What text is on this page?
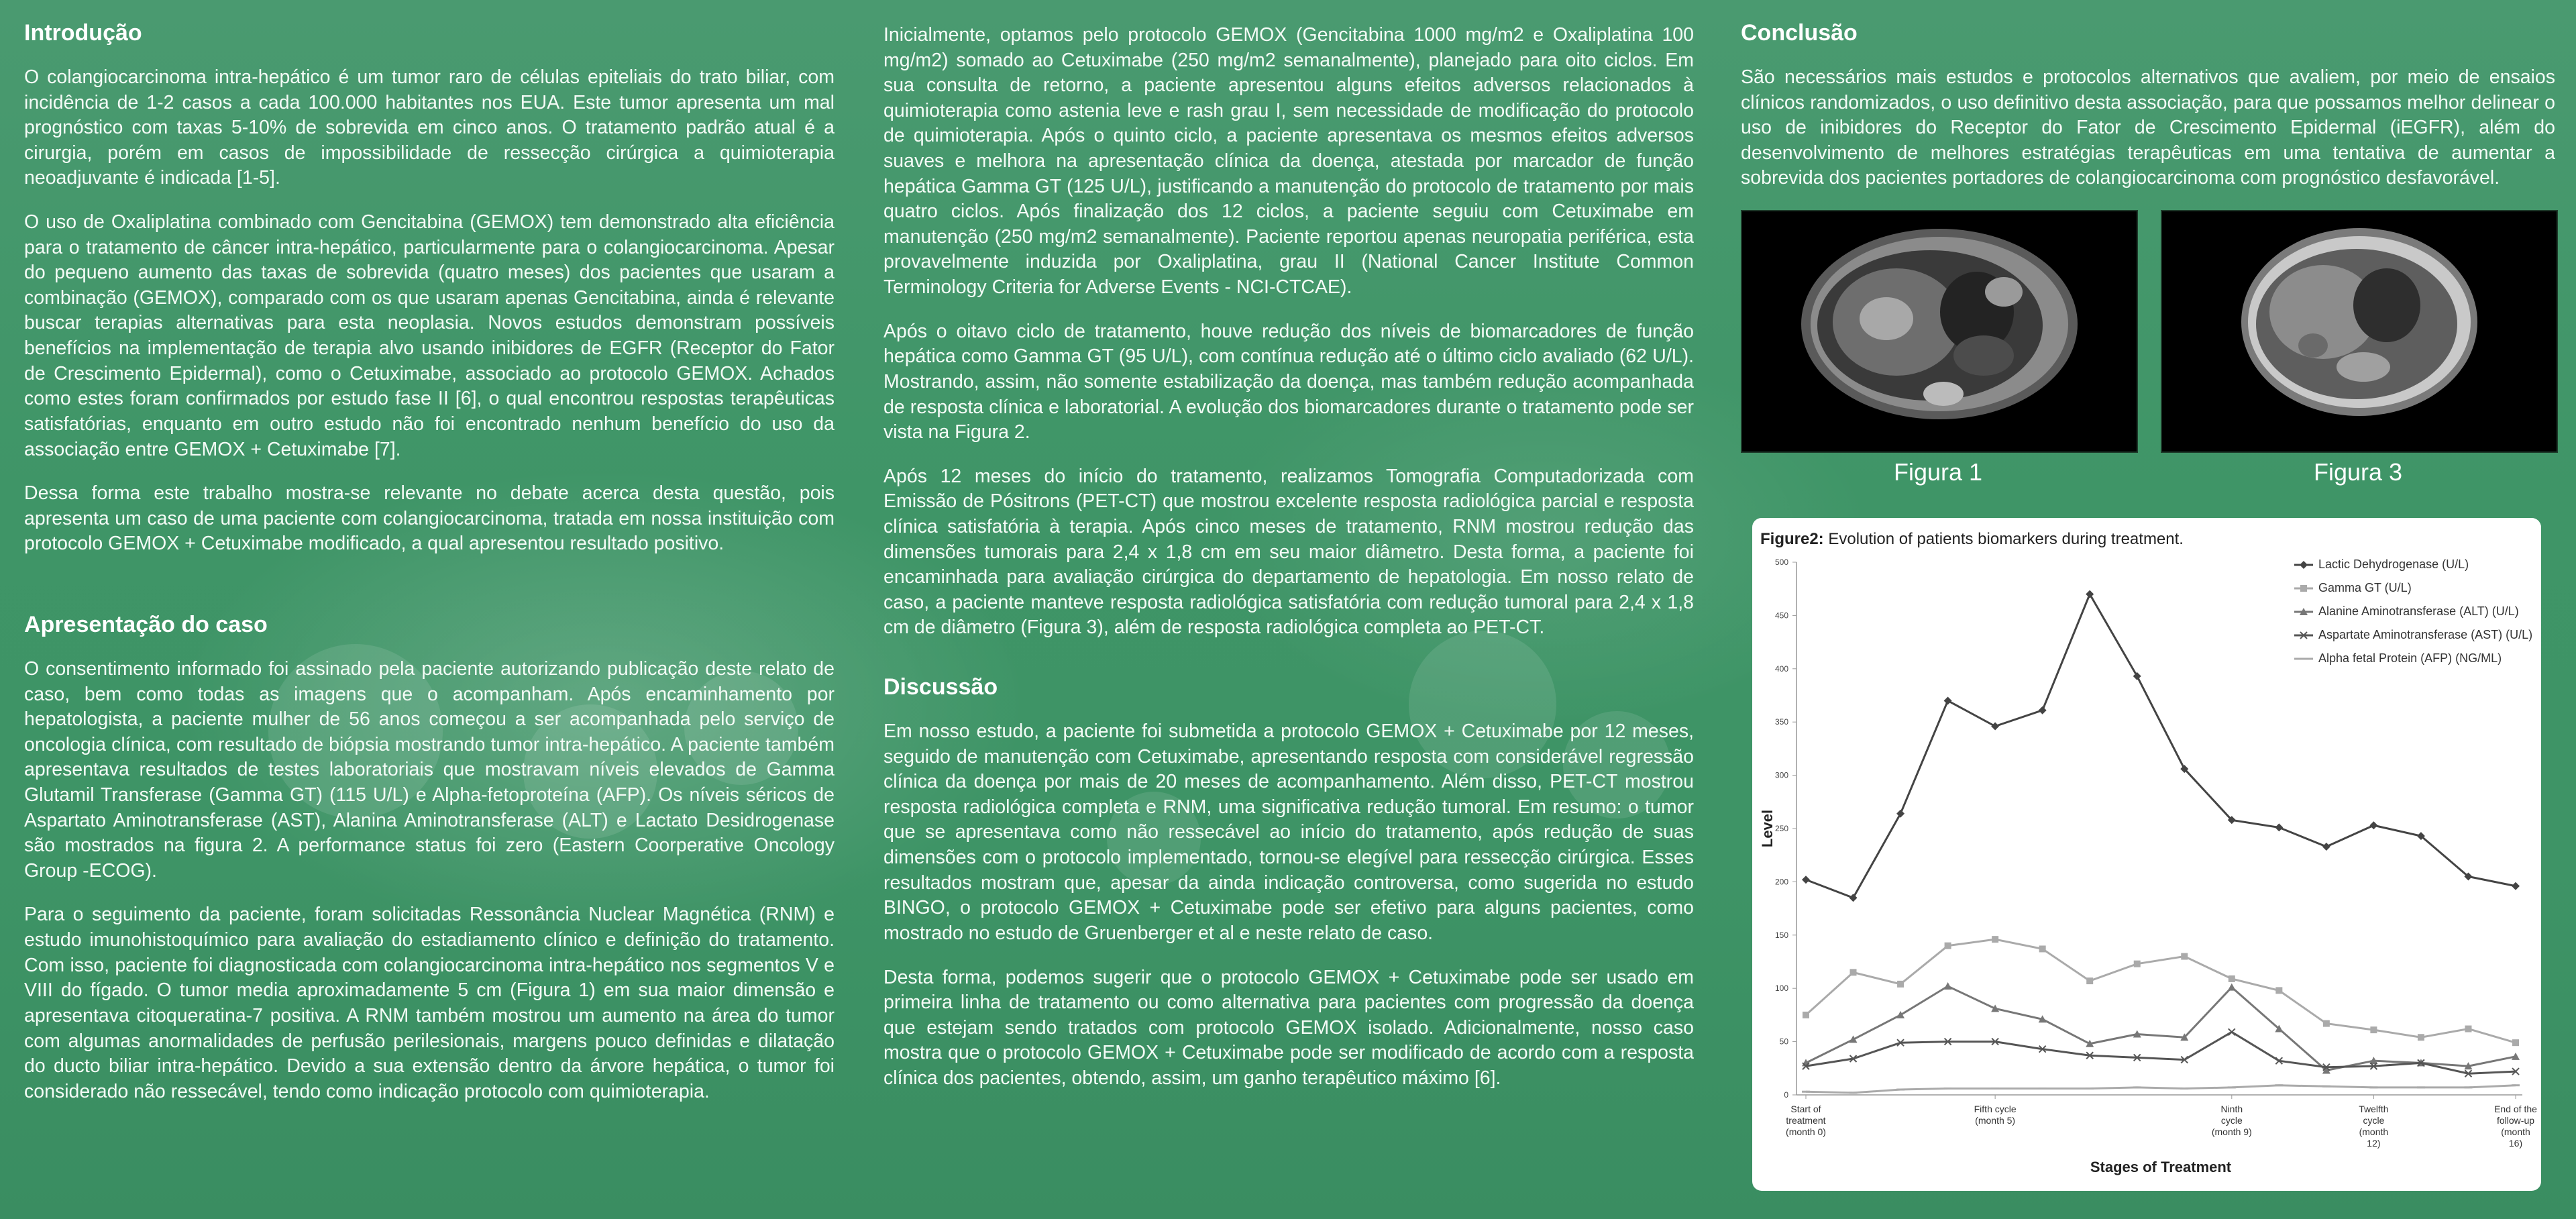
Introdução

O colangiocarcinoma intra-hepático é um tumor raro de células epiteliais do trato biliar, com incidência de 1-2 casos a cada 100.000 habitantes nos EUA. Este tumor apresenta um mal prognóstico com taxas 5-10% de sobrevida em cinco anos. O tratamento padrão atual é a cirurgia, porém em casos de impossibilidade de ressecção cirúrgica a quimioterapia neoadjuvante é indicada [1-5].

O uso de Oxaliplatina combinado com Gencitabina (GEMOX) tem demonstrado alta eficiência para o tratamento de câncer intra-hepático, particularmente para o colangiocarcinoma. Apesar do pequeno aumento das taxas de sobrevida (quatro meses) dos pacientes que usaram a combinação (GEMOX), comparado com os que usaram apenas Gencitabina, ainda é relevante buscar terapias alternativas para esta neoplasia. Novos estudos demonstram possíveis benefícios na implementação de terapia alvo usando inibidores de EGFR (Receptor do Fator de Crescimento Epidermal), como o Cetuximabe, associado ao protocolo GEMOX. Achados como estes foram confirmados por estudo fase II [6], o qual encontrou respostas terapêuticas satisfatórias, enquanto em outro estudo não foi encontrado nenhum benefício do uso da associação entre GEMOX + Cetuximabe [7].

Dessa forma este trabalho mostra-se relevante no debate acerca desta questão, pois apresenta um caso de uma paciente com colangiocarcinoma, tratada em nossa instituição com protocolo GEMOX + Cetuximabe modificado, a qual apresentou resultado positivo.

Apresentação do caso

O consentimento informado foi assinado pela paciente autorizando publicação deste relato de caso, bem como todas as imagens que o acompanham. Após encaminhamento por hepatologista, a paciente mulher de 56 anos começou a ser acompanhada pelo serviço de oncologia clínica, com resultado de biópsia mostrando tumor intra-hepático. A paciente também apresentava resultados de testes laboratoriais que mostravam níveis elevados de Gamma Glutamil Transferase (Gamma GT) (115 U/L) e Alpha-fetoproteína (AFP). Os níveis séricos de Aspartato Aminotransferase (AST), Alanina Aminotransferase (ALT) e Lactato Desidrogenase são mostrados na figura 2. A performance status foi zero (Eastern Coorperative Oncology Group -ECOG).

Para o seguimento da paciente, foram solicitadas Ressonância Nuclear Magnética (RNM) e estudo imunohistoquímico para avaliação do estadiamento clínico e definição do tratamento. Com isso, paciente foi diagnosticada com colangiocarcinoma intra-hepático nos segmentos V e VIII do fígado. O tumor media aproximadamente 5 cm (Figura 1) em sua maior dimensão e apresentava citoqueratina-7 positiva. A RNM também mostrou um aumento na área do tumor com algumas anormalidades de perfusão perilesionais, margens pouco definidas e dilatação do ducto biliar intra-hepático. Devido a sua extensão dentro da árvore hepática, o tumor foi considerado não ressecável, tendo como indicação protocolo com quimioterapia.

Inicialmente, optamos pelo protocolo GEMOX (Gencitabina 1000 mg/m2 e Oxaliplatina 100 mg/m2) somado ao Cetuximabe (250 mg/m2 semanalmente), planejado para oito ciclos. Em sua consulta de retorno, a paciente apresentou alguns efeitos adversos relacionados à quimioterapia como astenia leve e rash grau I, sem necessidade de modificação do protocolo de quimioterapia. Após o quinto ciclo, a paciente apresentava os mesmos efeitos adversos suaves e melhora na apresentação clínica da doença, atestada por marcador de função hepática Gamma GT (125 U/L), justificando a manutenção do protocolo de tratamento por mais quatro ciclos. Após finalização dos 12 ciclos, a paciente seguiu com Cetuximabe em manutenção (250 mg/m2 semanalmente). Paciente reportou apenas neuropatia periférica, esta provavelmente induzida por Oxaliplatina, grau II (National Cancer Institute Common Terminology Criteria for Adverse Events - NCI-CTCAE).

Após o oitavo ciclo de tratamento, houve redução dos níveis de biomarcadores de função hepática como Gamma GT (95 U/L), com contínua redução até o último ciclo avaliado (62 U/L). Mostrando, assim, não somente estabilização da doença, mas também redução acompanhada de resposta clínica e laboratorial. A evolução dos biomarcadores durante o tratamento pode ser vista na Figura 2.

Após 12 meses do início do tratamento, realizamos Tomografia Computadorizada com Emissão de Pósitrons (PET-CT) que mostrou excelente resposta radiológica parcial e resposta clínica satisfatória à terapia. Após cinco meses de tratamento, RNM mostrou redução das dimensões tumorais para 2,4 x 1,8 cm em seu maior diâmetro. Desta forma, a paciente foi encaminhada para avaliação cirúrgica do departamento de hepatologia. Em nosso relato de caso, a paciente manteve resposta radiológica satisfatória com redução tumoral para 2,4 x 1,8 cm de diâmetro (Figura 3), além de resposta radiológica completa ao PET-CT.

Discussão

Em nosso estudo, a paciente foi submetida a protocolo GEMOX + Cetuximabe por 12 meses, seguido de manutenção com Cetuximabe, apresentando resposta com considerável regressão clínica da doença por mais de 20 meses de acompanhamento. Além disso, PET-CT mostrou resposta radiológica completa e RNM, uma significativa redução tumoral. Em resumo: o tumor que se apresentava como não ressecável ao início do tratamento, após redução de suas dimensões com o protocolo implementado, tornou-se elegível para ressecção cirúrgica. Esses resultados mostram que, apesar da ainda indicação controversa, como sugerida no estudo BINGO, o protocolo GEMOX + Cetuximabe pode ser efetivo para alguns pacientes, como mostrado no estudo de Gruenberger et al e neste relato de caso.

Desta forma, podemos sugerir que o protocolo GEMOX + Cetuximabe pode ser usado em primeira linha de tratamento ou como alternativa para pacientes com progressão da doença que estejam sendo tratados com protocolo GEMOX isolado. Adicionalmente, nosso caso mostra que o protocolo GEMOX + Cetuximabe pode ser modificado de acordo com a resposta clínica dos pacientes, obtendo, assim, um ganho terapêutico máximo [6].

Conclusão

São necessários mais estudos e protocolos alternativos que avaliem, por meio de ensaios clínicos randomizados, o uso definitivo desta associação, para que possamos melhor delinear o uso de inibidores do Receptor do Fator de Crescimento Epidermal (iEGFR), além do desenvolvimento de melhores estratégias terapêuticas em uma tentativa de aumentar a sobrevida dos pacientes portadores de colangiocarcinoma com prognóstico desfavorável.

Figura 1	Figura 3
0
50
100
150
200
250
300
350
400
450
500
Level
Start of
treatment
(month 0)
Fifth cycle
(month 5)
Ninth
cycle
(month 9)
Twelfth
cycle
(month
12)
End of the
follow-up
(month
16)
Stages of Treatment
Lactic Dehydrogenase (U/L)
Gamma GT (U/L)
Alanine Aminotransferase (ALT) (U/L)
Aspartate Aminotransferase (AST) (U/L)
Alpha fetal Protein (AFP) (NG/ML)
Figure2: Evolution of patients biomarkers during treatment.
